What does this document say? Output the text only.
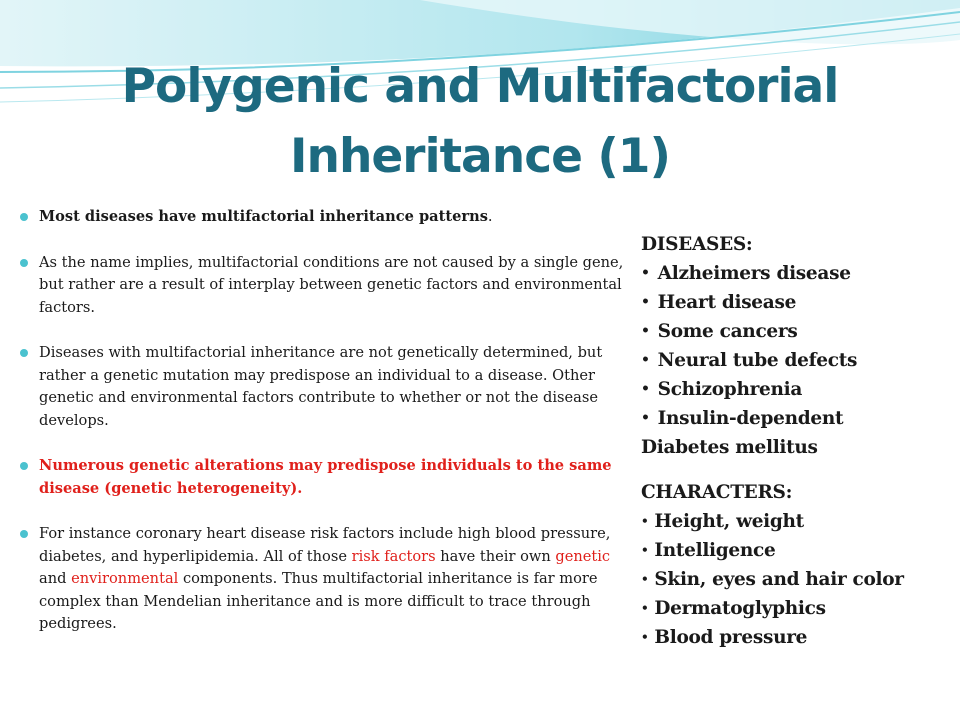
Polygenic and Multifactorial
Inheritance (1)
Most diseases have multifactorial inheritance patterns.
As the name implies, multifactorial conditions are not caused by a single gene, but rather are a result of interplay between genetic factors and environmental factors.
Diseases with multifactorial inheritance are not genetically determined, but rather a genetic mutation may predispose an individual to a disease. Other genetic and environmental factors contribute to whether or not the disease develops.
Numerous genetic alterations may predispose individuals to the same disease (genetic heterogeneity).
For instance coronary heart disease risk factors include high blood pressure, diabetes, and hyperlipidemia. All of those risk factors have their own genetic and environmental components. Thus multifactorial inheritance is far more complex than Mendelian inheritance and is more difficult to trace through pedigrees.
DISEASES:
• Alzheimers disease
• Heart disease
• Some cancers
• Neural tube defects
• Schizophrenia
• Insulin-dependent
Diabetes mellitus
CHARACTERS:
• Height, weight
• Intelligence
• Skin, eyes and hair color
• Dermatoglyphics
• Blood pressure
